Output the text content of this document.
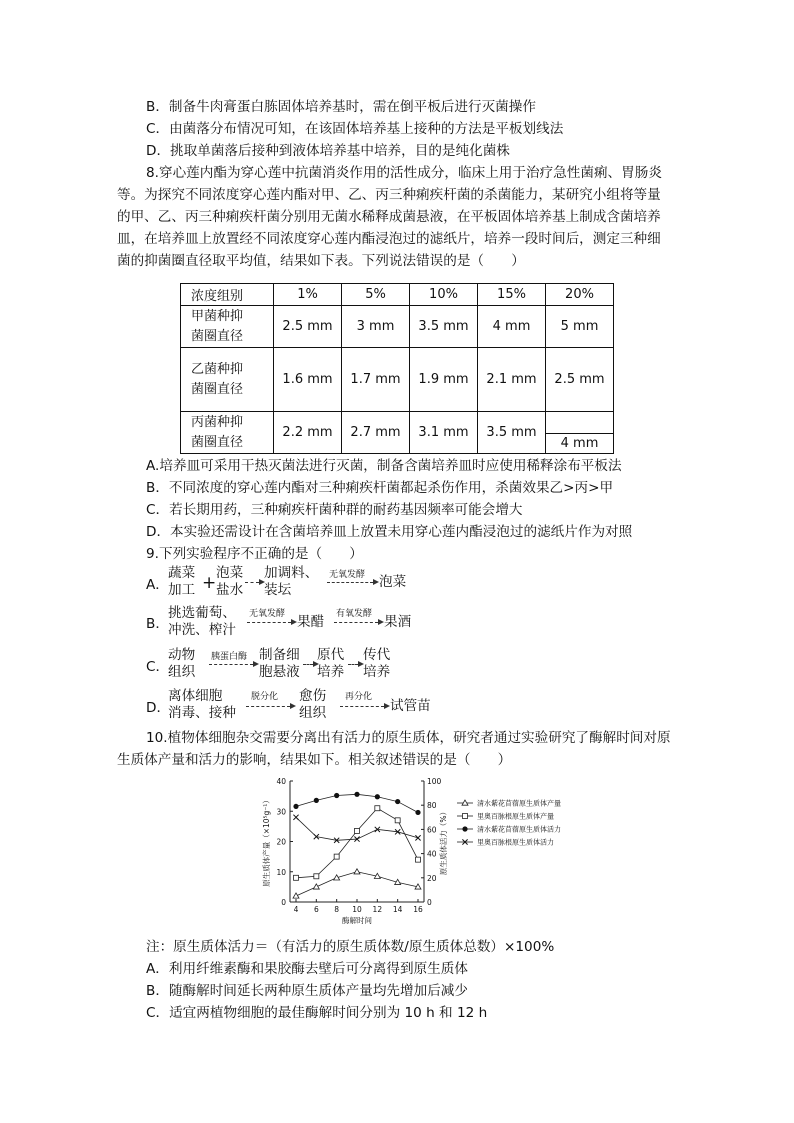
B．制备牛肉膏蛋白胨固体培养基时，需在倒平板后进行灭菌操作
C．由菌落分布情况可知，在该固体培养基上接种的方法是平板划线法
D．挑取单菌落后接种到液体培养基中培养，目的是纯化菌株
8.穿心莲内酯为穿心莲中抗菌消炎作用的活性成分，临床上用于治疗急性菌痢、胃肠炎
等。为探究不同浓度穿心莲内酯对甲、乙、丙三种痢疾杆菌的杀菌能力，某研究小组将等量
的甲、乙、丙三种痢疾杆菌分别用无菌水稀释成菌悬液，在平板固体培养基上制成含菌培养
皿，在培养皿上放置经不同浓度穿心莲内酯浸泡过的滤纸片，培养一段时间后，测定三种细
菌的抑菌圈直径取平均值，结果如下表。下列说法错误的是（　　）
浓度组别	1%	5%	10%	15%	20%
甲菌种抑
菌圈直径	2.5 mm	3 mm	3.5 mm	4 mm	5 mm
乙菌种抑
菌圈直径	1.6 mm	1.7 mm	1.9 mm	2.1 mm	2.5 mm
丙菌种抑
菌圈直径	2.2 mm	2.7 mm	3.1 mm	3.5 mm	4 mm
A.培养皿可采用干热灭菌法进行灭菌，制备含菌培养皿时应使用稀释涂布平板法
B．不同浓度的穿心莲内酯对三种痢疾杆菌都起杀伤作用，杀菌效果乙>丙>甲
C．若长期用药，三种痢疾杆菌种群的耐药基因频率可能会增大
D．本实验还需设计在含菌培养皿上放置未用穿心莲内酯浸泡过的滤纸片作为对照
9.下列实验程序不正确的是（　　）
A．
蔬菜
加工 + 泡菜
盐水
加调料、
装坛
无氧发酵 泡菜
B．
挑选葡萄、
冲洗、榨汁
无氧发酵 果醋 有氧发酵 果酒
C．
动物
组织
胰蛋白酶 制备细
胞悬液
原代
培养
传代
培养
D．
离体细胞
消毒、接种
脱分化 愈伤
组织
再分化
试管苗
10.植物体细胞杂交需要分离出有活力的原生质体，研究者通过实验研究了酶解时间对原
生质体产量和活力的影响，结果如下。相关叙述错误的是（　　）
0
10
20
30
40
0
20
40
60
80
100
4 6 8 10 12 14 16
酶解时间
原生质体产量（×10⁵g⁻¹）	原生质体活力（%）
清水紫花苜蓿原生质体产量
里奥百脉根原生质体产量
清水紫花苜蓿原生质体活力
里奥百脉根原生质体活力
注：原生质体活力＝（有活力的原生质体数/原生质体总数）×100%
A．利用纤维素酶和果胶酶去壁后可分离得到原生质体
B．随酶解时间延长两种原生质体产量均先增加后减少
C．适宜两植物细胞的最佳酶解时间分别为 10 h 和 12 h
